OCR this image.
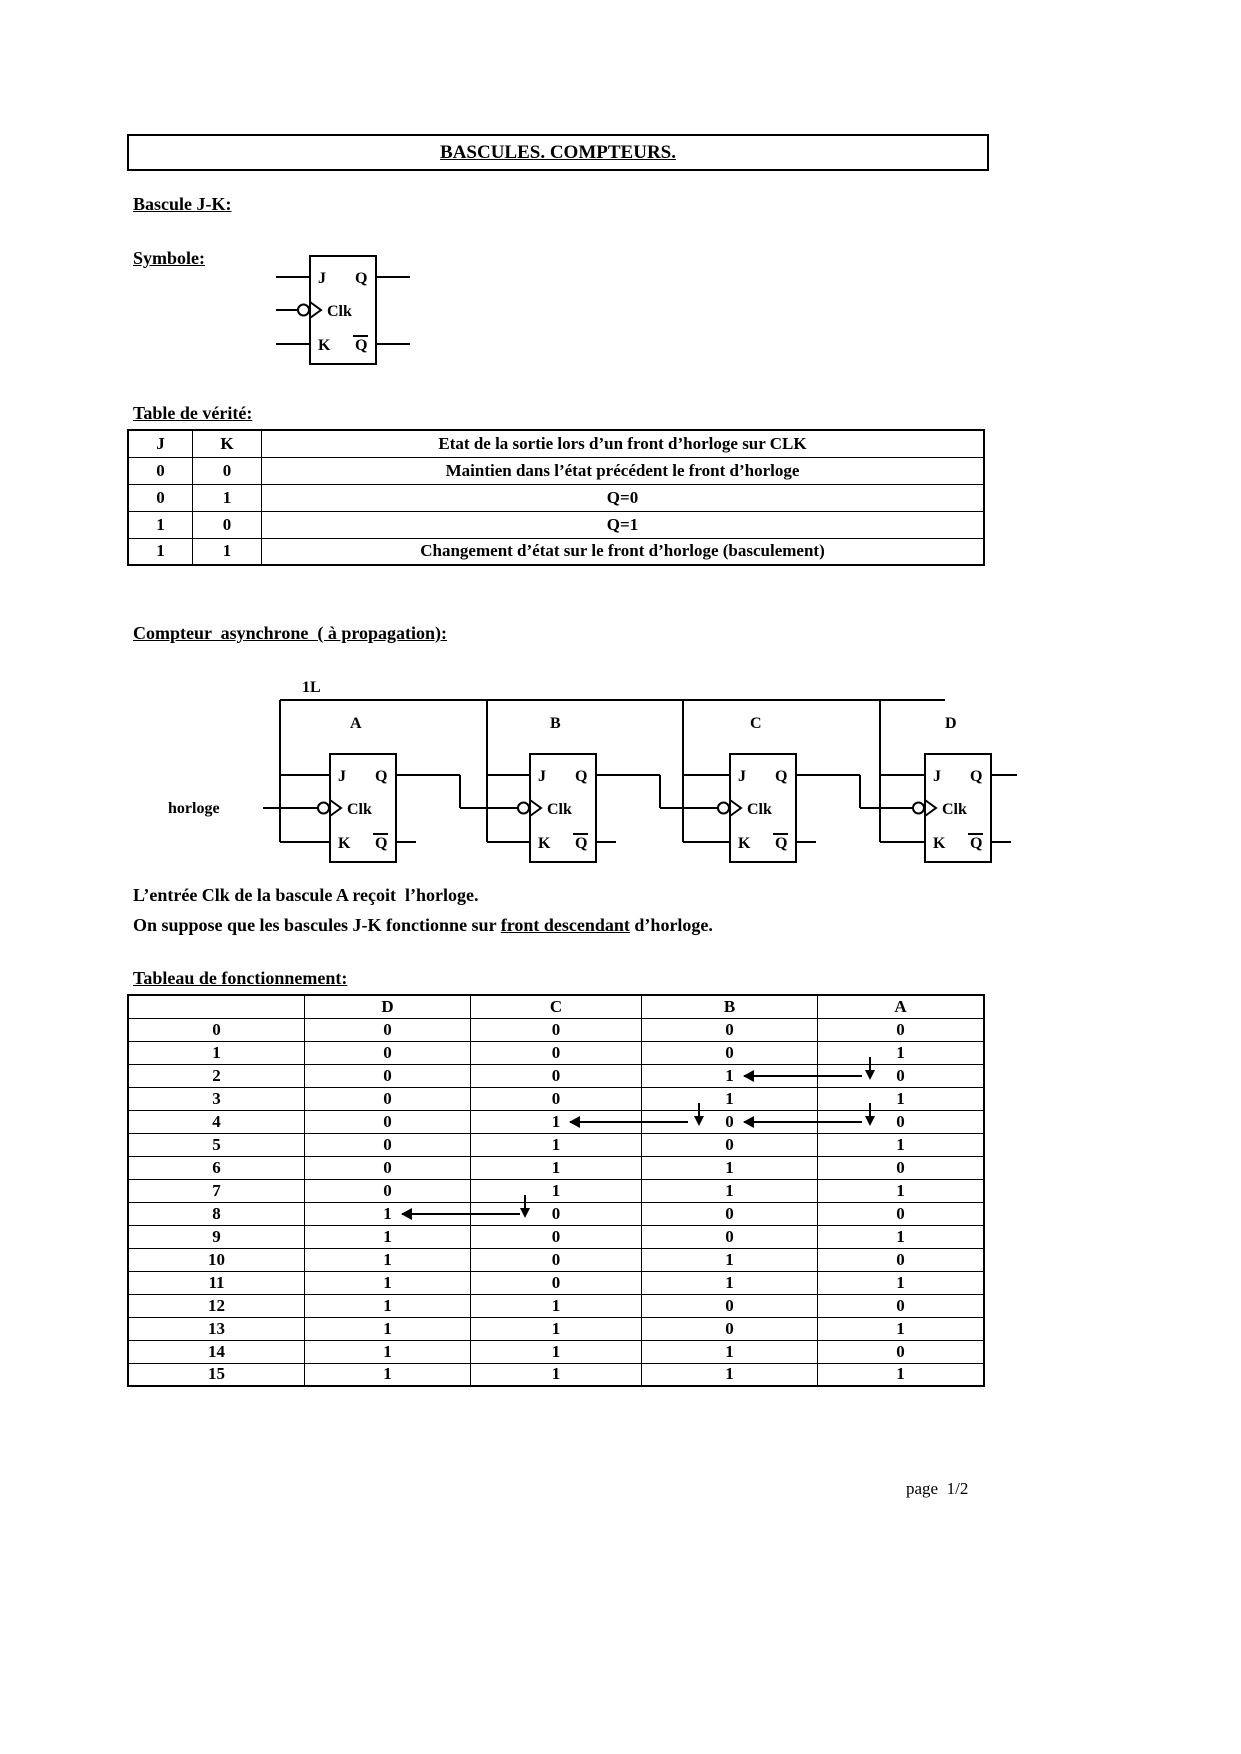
BASCULES. COMPTEURS.
Bascule J-K:
Symbole:
J Q
Clk
K Q
Table de vérité:
J	K	Etat de la sortie lors d’un front d’horloge sur CLK
0	0	Maintien dans l’état précédent le front d’horloge
0	1	Q=0
1	0	Q=1
1	1	Changement d’état sur le front d’horloge (basculement)
Compteur  asynchrone  ( à propagation):
J Q
Clk
K Q
A
J Q
Clk
K Q
B
J Q
Clk
K Q
C
J Q
Clk
K Q
D
1L
horloge
L’entrée Clk de la bascule A reçoit  l’horloge.
On suppose que les bascules J-K fonctionne sur front descendant d’horloge.
Tableau de fonctionnement:
	D	C	B	A
0	0	0	0	0
1	0	0	0	1
2	0	0	1	0
3	0	0	1	1
4	0	1	0	0
5	0	1	0	1
6	0	1	1	0
7	0	1	1	1
8	1	0	0	0
9	1	0	0	1
10	1	0	1	0
11	1	0	1	1
12	1	1	0	0
13	1	1	0	1
14	1	1	1	0
15	1	1	1	1
page  1/2
